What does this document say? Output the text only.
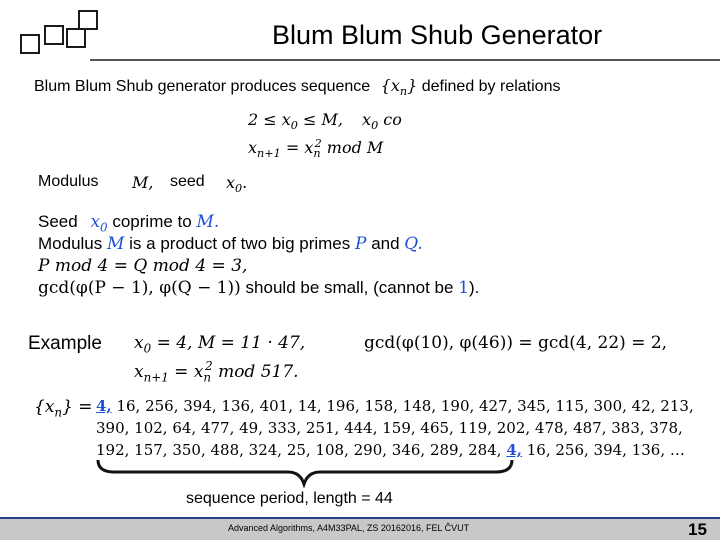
Blum Blum Shub Generator
Blum Blum Shub generator produces sequence $\{x_n\}$ defined by relations
$2 \le x_0 \le M$, $x_0$ co
$x_{n+1} = x_n^2$ mod M
Modulus M, seed $x_0$.
Seed $x_0$ coprime to M.
Modulus M is a product of two big primes P and Q.
P mod 4 = Q mod 4 = 3,
gcd(φ(P − 1), φ(Q − 1)) should be small, (cannot be 1).
Example $x_0 = 4$, M = 11 · 47,	gcd(φ(10), φ(46)) = gcd(4, 22) = 2,
$x_{n+1} = x_n^2$ mod 517.
$\{x_n\} = 4$, 16, 256, 394, 136, 401, 14, 196, 158, 148, 190, 427, 345, 115, 300, 42, 213,
390, 102, 64, 477, 49, 333, 251, 444, 159, 465, 119, 202, 478, 487, 383, 378,
192, 157, 350, 488, 324, 25, 108, 290, 346, 289, 284, 4, 16, 256, 394, 136, …
sequence period, length = 44
Advanced Algorithms, A4M33PAL, ZS 20162016, FEL ČVUT	15
